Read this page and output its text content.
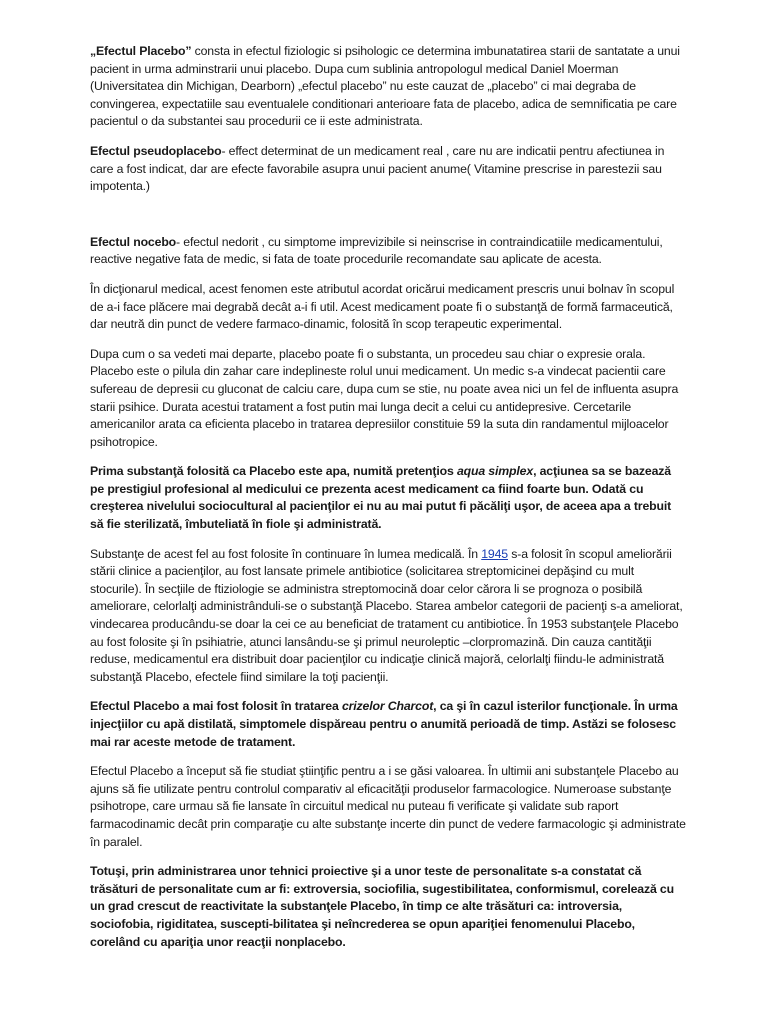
„Efectul Placebo” consta in efectul fiziologic si psihologic ce determina imbunatatirea starii de santatate a unui pacient in urma adminstrarii unui placebo. Dupa cum sublinia antropologul medical Daniel Moerman (Universitatea din Michigan, Dearborn) „efectul placebo” nu este cauzat de „placebo” ci mai degraba de convingerea, expectatiile sau eventualele conditionari anterioare fata de placebo, adica de semnificatia pe care pacientul o da substantei sau procedurii ce ii este administrata.

Efectul pseudoplacebo- effect determinat de un medicament real , care nu are indicatii pentru afectiunea in care a fost indicat, dar are efecte favorabile asupra unui pacient anume( Vitamine prescrise in parestezii sau impotenta.)

Efectul nocebo- efectul nedorit , cu simptome imprevizibile si neinscrise in contraindicatiile medicamentului, reactive negative fata de medic, si fata de toate procedurile recomandate sau aplicate de acesta.

În dicţionarul medical, acest fenomen este atributul acordat oricărui medicament prescris unui bolnav în scopul de a-i face plăcere mai degrabă decât a-i fi util. Acest medicament poate fi o substanţă de formă farmaceutică, dar neutră din punct de vedere farmaco-dinamic, folosită în scop terapeutic experimental.

Dupa cum o sa vedeti mai departe, placebo poate fi o substanta, un procedeu sau chiar o expresie orala. Placebo este o pilula din zahar care indeplineste rolul unui medicament. Un medic s-a vindecat pacientii care sufereau de depresii cu gluconat de calciu care, dupa cum se stie, nu poate avea nici un fel de influenta asupra starii psihice. Durata acestui tratament a fost putin mai lunga decit a celui cu antidepresive. Cercetarile americanilor arata ca eficienta placebo in tratarea depresiilor constituie 59 la suta din randamentul mijloacelor psihotropice.

Prima substanţă folosită ca Placebo este apa, numită pretenţios aqua simplex, acţiunea sa se bazează pe prestigiul profesional al medicului ce prezenta acest medicament ca fiind foarte bun. Odată cu creşterea nivelului sociocultural al pacienţilor ei nu au mai putut fi păcăliţi uşor, de aceea apa a trebuit să fie sterilizată, îmbuteliată în fiole şi administrată.

Substanţe de acest fel au fost folosite în continuare în lumea medicală. În 1945 s-a folosit în scopul ameliorării stării clinice a pacienţilor, au fost lansate primele antibiotice (solicitarea streptomicinei depăşind cu mult stocurile). În secţiile de ftiziologie se administra streptomocină doar celor cărora li se prognoza o posibilă ameliorare, celorlalţi administrânduli-se o substanţă Placebo. Starea ambelor categorii de pacienţi s-a ameliorat, vindecarea producându-se doar la cei ce au beneficiat de tratament cu antibiotice. În 1953 substanţele Placebo au fost folosite şi în psihiatrie, atunci lansându-se şi primul neuroleptic –clorpromazină. Din cauza cantităţii reduse, medicamentul era distribuit doar pacienţilor cu indicaţie clinică majoră, celorlalţi fiindu-le administrată substanţă Placebo, efectele fiind similare la toţi pacienţii.

Efectul Placebo a mai fost folosit în tratarea crizelor Charcot, ca şi în cazul isterilor funcţionale. În urma injecţiilor cu apă distilată, simptomele dispăreau pentru o anumită perioadă de timp. Astăzi se folosesc mai rar aceste metode de tratament.

Efectul Placebo a început să fie studiat ştiinţific pentru a i se găsi valoarea. În ultimii ani substanţele Placebo au ajuns să fie utilizate pentru controlul comparativ al eficacităţii produselor farmacologice. Numeroase substanţe psihotrope, care urmau să fie lansate în circuitul medical nu puteau fi verificate şi validate sub raport farmacodinamic decât prin comparaţie cu alte substanţe incerte din punct de vedere farmacologic şi administrate în paralel.

Totuşi, prin administrarea unor tehnici proiective şi a unor teste de personalitate s-a constatat că trăsături de personalitate cum ar fi: extroversia, sociofilia, sugestibilitatea, conformismul, corelează cu un grad crescut de reactivitate la substanţele Placebo, în timp ce alte trăsături ca: introversia, sociofobia, rigiditatea, suscepti-bilitatea şi neîncrederea se opun apariţiei fenomenului Placebo, corelând cu apariţia unor reacţii nonplacebo.
